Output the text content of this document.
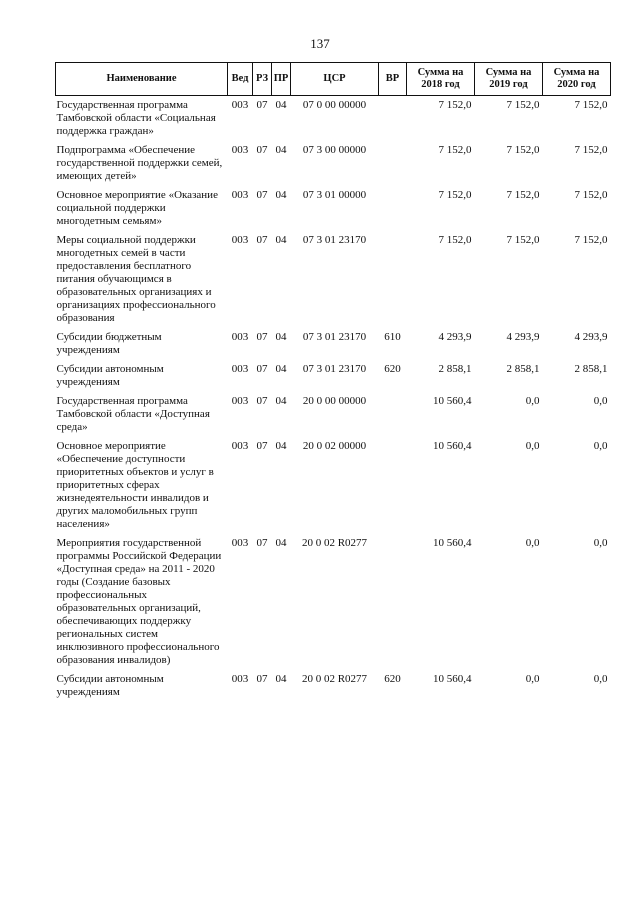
137
Наименование	Вед	РЗ	ПР	ЦСР	ВР	Сумма на 2018 год	Сумма на 2019 год	Сумма на 2020 год
Государственная программа Тамбовской области «Социальная поддержка граждан»	003	07	04	07 0 00 00000		7 152,0	7 152,0	7 152,0
Подпрограмма «Обеспечение государственной поддержки семей, имеющих детей»	003	07	04	07 3 00 00000		7 152,0	7 152,0	7 152,0
Основное мероприятие «Оказание социальной поддержки многодетным семьям»	003	07	04	07 3 01 00000		7 152,0	7 152,0	7 152,0
Меры социальной поддержки многодетных семей в части предоставления бесплатного питания обучающимся в образовательных организациях и организациях профессионального образования	003	07	04	07 3 01 23170		7 152,0	7 152,0	7 152,0
Субсидии бюджетным учреждениям	003	07	04	07 3 01 23170	610	4 293,9	4 293,9	4 293,9
Субсидии автономным учреждениям	003	07	04	07 3 01 23170	620	2 858,1	2 858,1	2 858,1
Государственная программа Тамбовской области «Доступная среда»	003	07	04	20 0 00 00000		10 560,4	0,0	0,0
Основное мероприятие «Обеспечение доступности приоритетных объектов и услуг в приоритетных сферах жизнедеятельности инвалидов и других маломобильных групп населения»	003	07	04	20 0 02 00000		10 560,4	0,0	0,0
Мероприятия государственной программы Российской Федерации «Доступная среда» на 2011 - 2020 годы (Создание базовых профессиональных образовательных организаций, обеспечивающих поддержку региональных систем инклюзивного профессионального образования инвалидов)	003	07	04	20 0 02 R0277		10 560,4	0,0	0,0
Субсидии автономным учреждениям	003	07	04	20 0 02 R0277	620	10 560,4	0,0	0,0
